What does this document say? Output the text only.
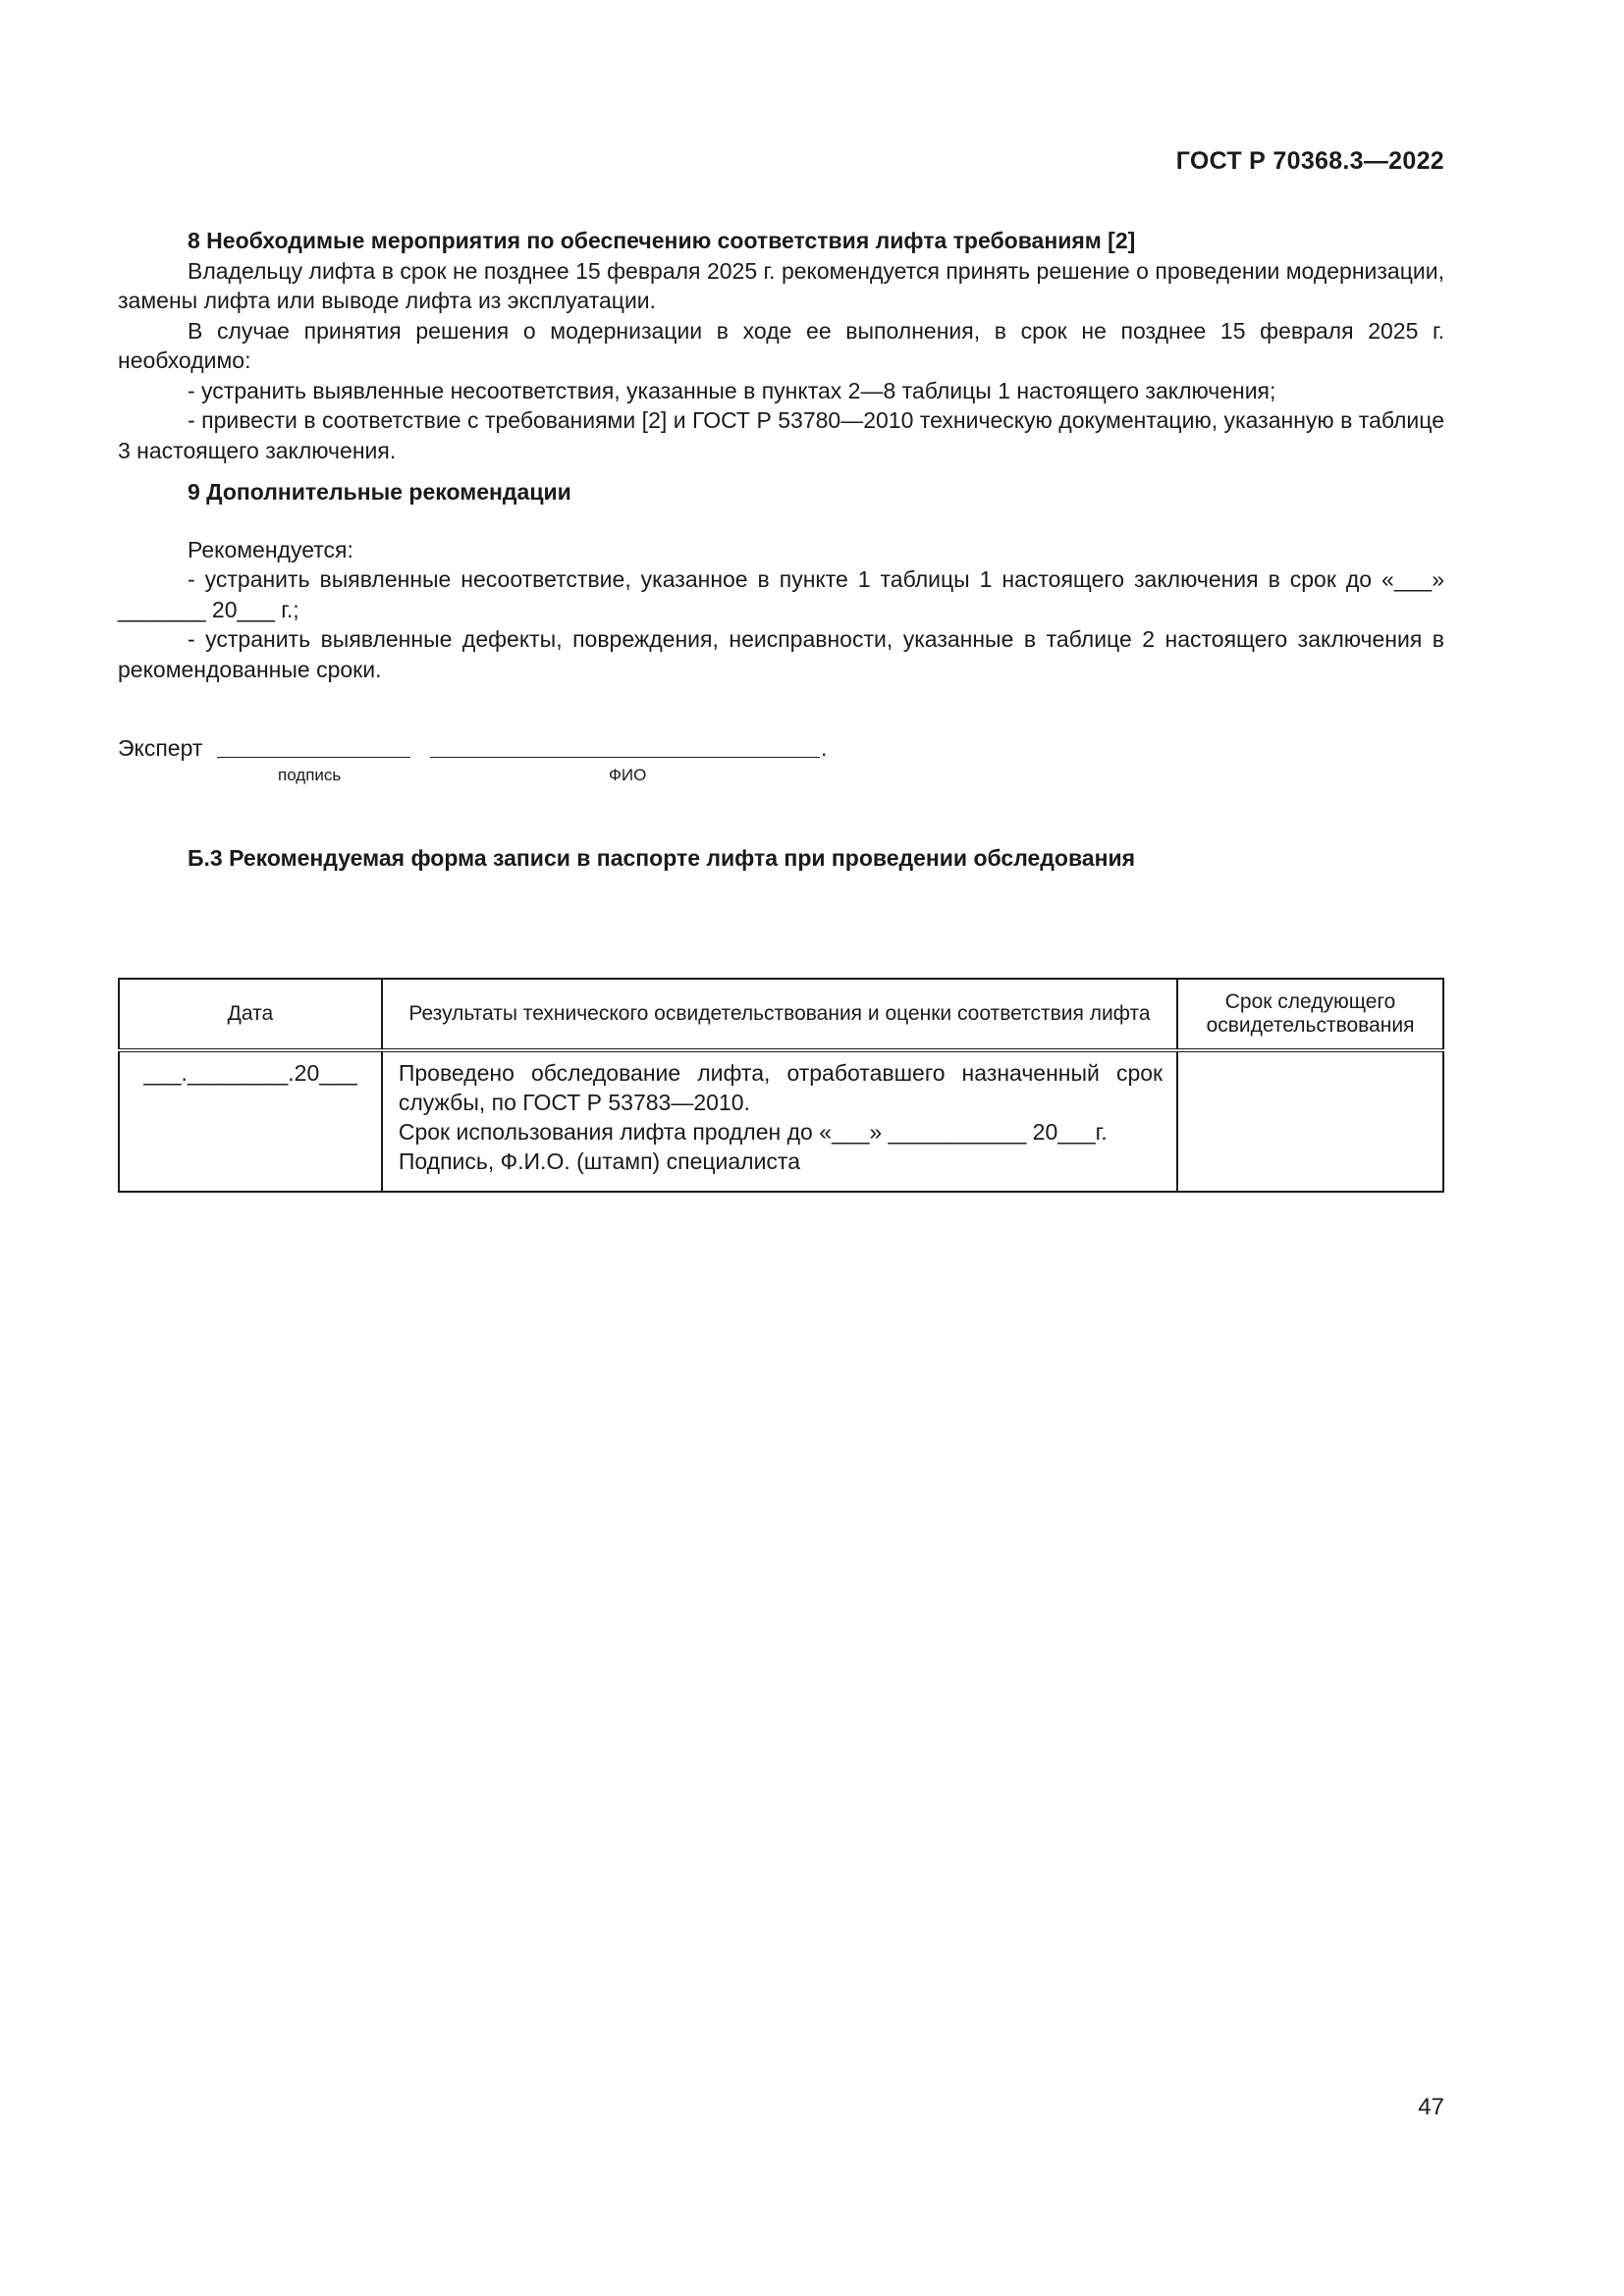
ГОСТ Р 70368.3—2022

8 Необходимые мероприятия по обеспечению соответствия лифта требованиям [2]

Владельцу лифта в срок не позднее 15 февраля 2025 г. рекомендуется принять решение о проведении модернизации, замены лифта или выводе лифта из эксплуатации.

В случае принятия решения о модернизации в ходе ее выполнения, в срок не позднее 15 февраля 2025 г. необходимо:

- устранить выявленные несоответствия, указанные в пунктах 2—8 таблицы 1 настоящего заключения;

- привести в соответствие с требованиями [2] и ГОСТ Р 53780—2010 техническую документацию, указанную в таблице 3 настоящего заключения.

9 Дополнительные рекомендации

Рекомендуется:

- устранить выявленные несоответствие, указанное в пункте 1 таблицы 1 настоящего заключения в срок до «___» _______ 20___ г.;

- устранить выявленные дефекты, повреждения, неисправности, указанные в таблице 2 настоящего заключения в рекомендованные сроки.

Эксперт	.
подпись	ФИО

Б.3 Рекомендуемая форма записи в паспорте лифта при проведении обследования

Дата	Результаты технического освидетельствования и оценки соответствия лифта	Срок следующего освидетельствования
___.________.20___	Проведено обследование лифта, отработавшего назначенный срок службы, по ГОСТ Р 53783—2010.
Срок использования лифта продлен до «___» ___________ 20___г.
Подпись, Ф.И.О. (штамп) специалиста	

47
